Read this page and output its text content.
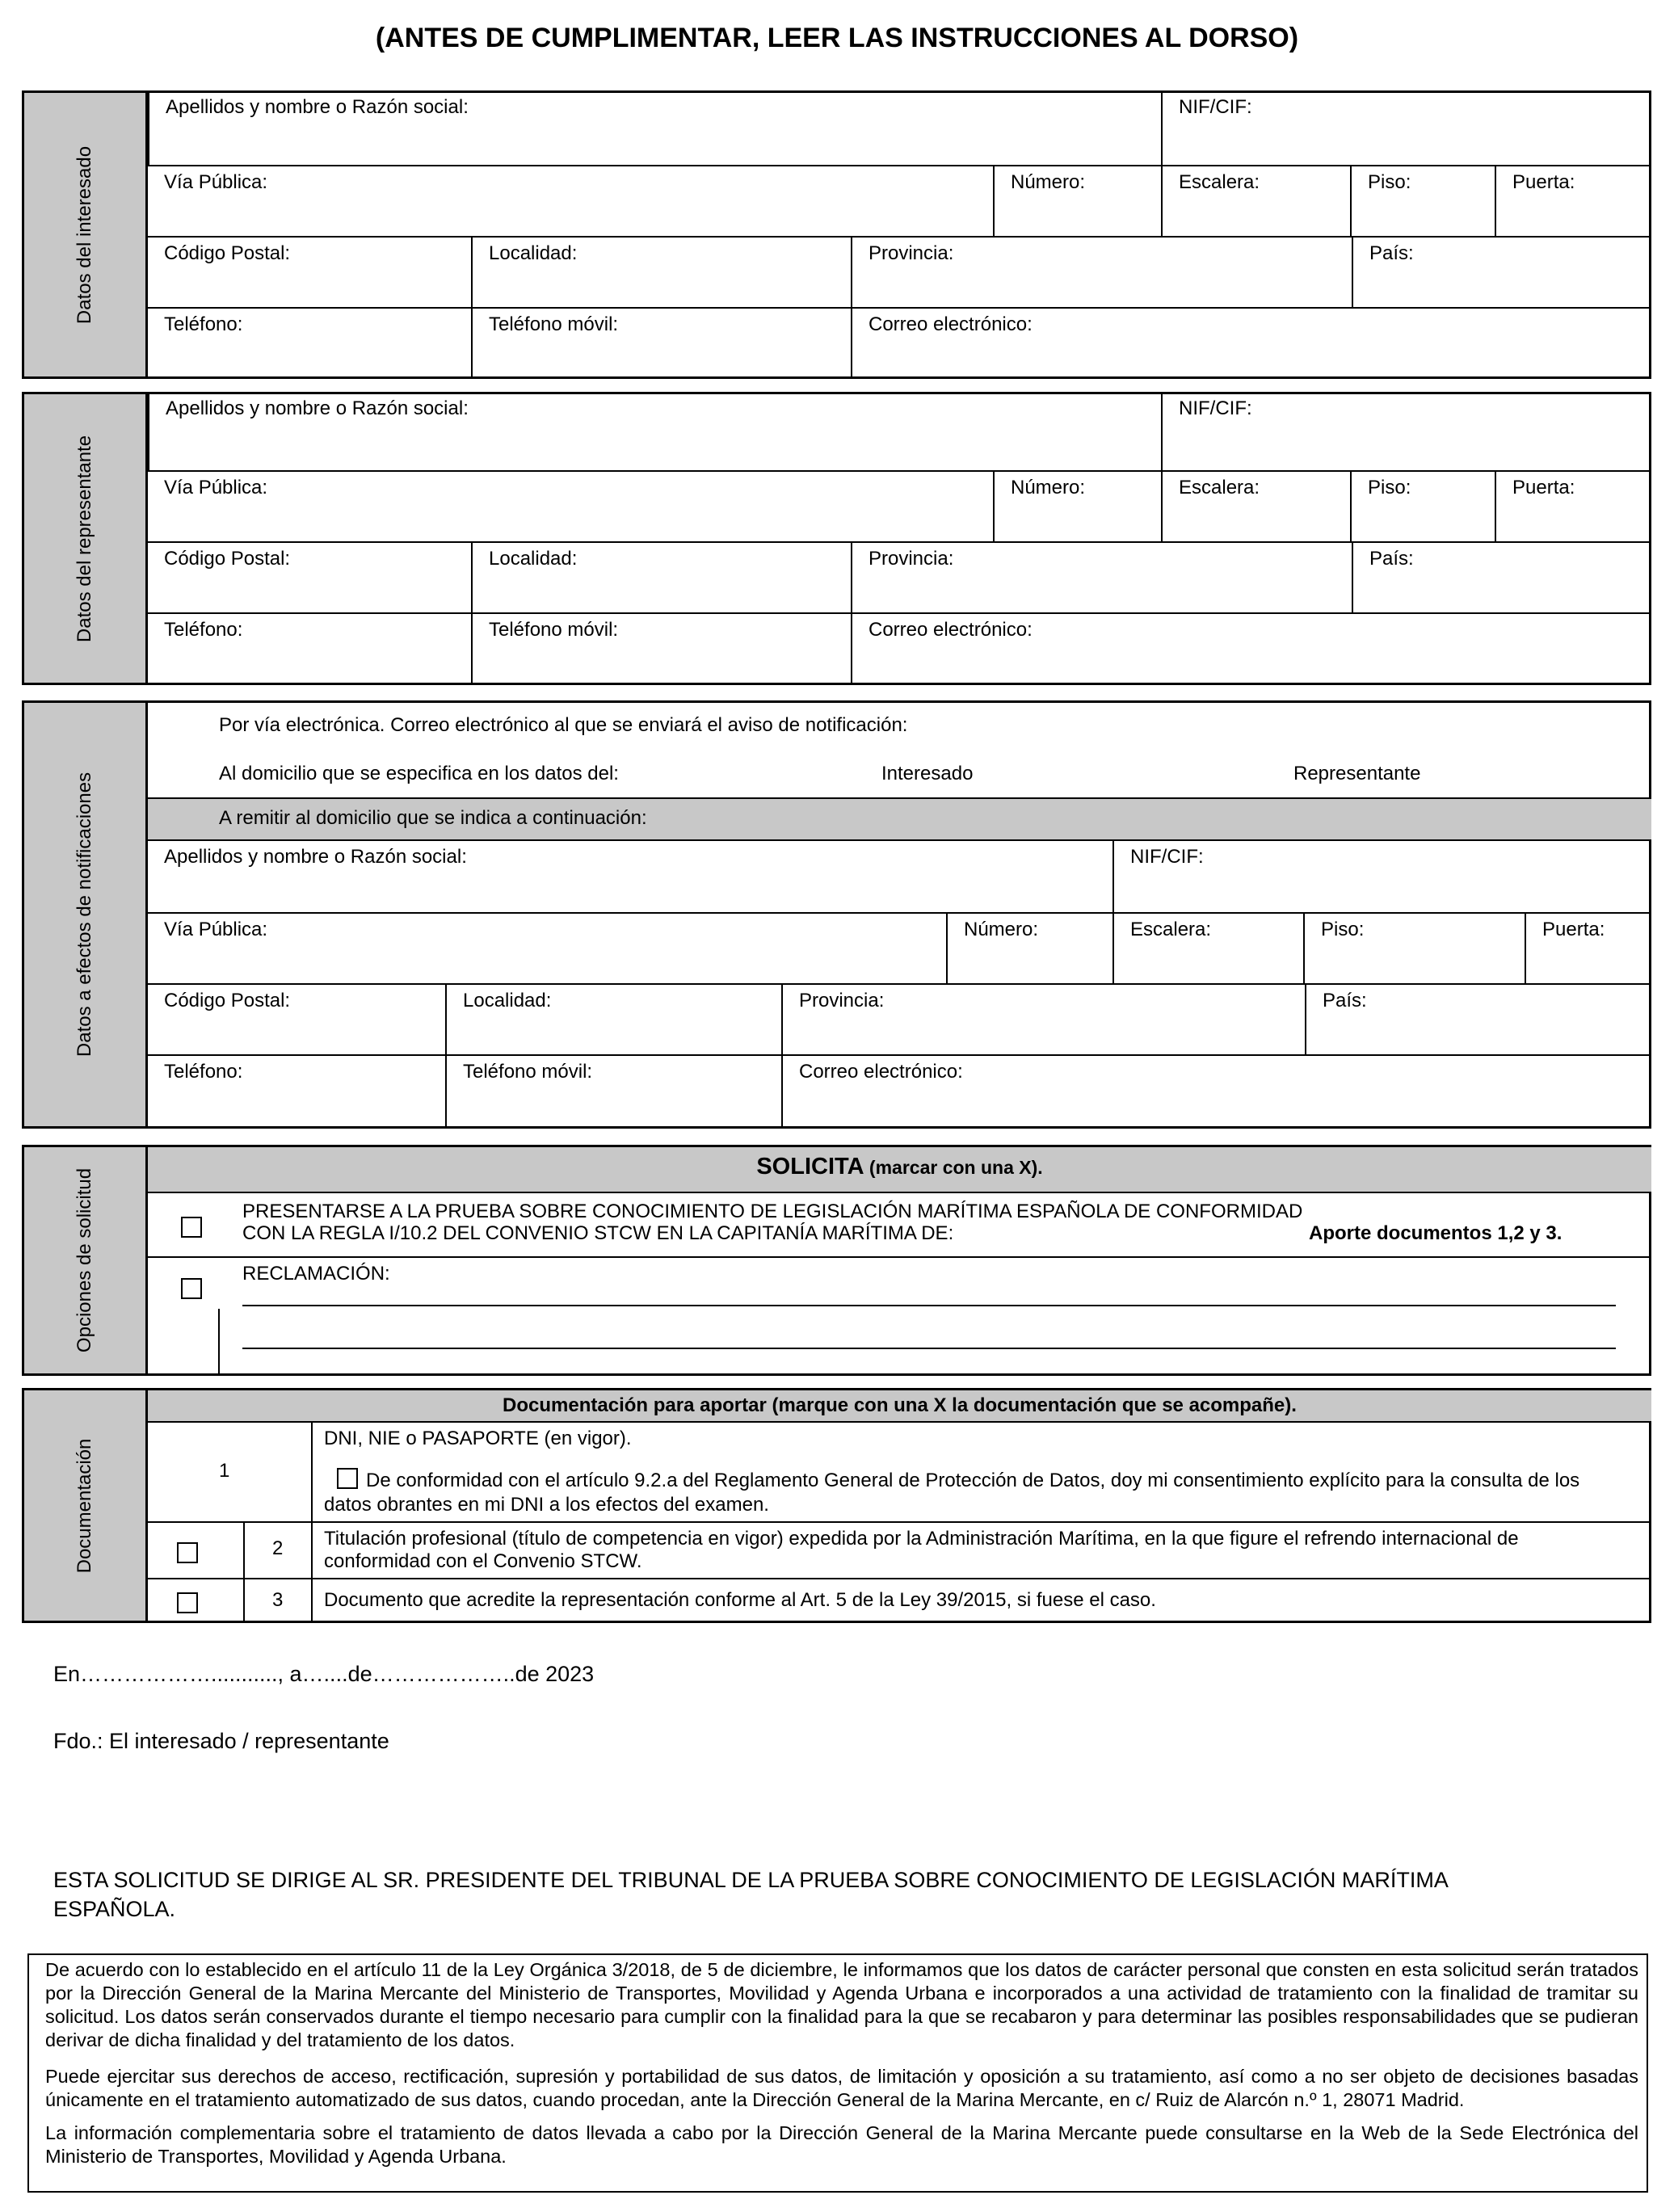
(ANTES DE CUMPLIMENTAR, LEER LAS INSTRUCCIONES AL DORSO)
Datos del interesado
Apellidos y nombre o Razón social:	NIF/CIF:
Vía Pública:	Número:	Escalera:	Piso:	Puerta:
Código Postal:	Localidad:	Provincia:	País:
Teléfono:	Teléfono móvil:	Correo electrónico:
Datos del representante
Apellidos y nombre o Razón social:	NIF/CIF:
Vía Pública:	Número:	Escalera:	Piso:	Puerta:
Código Postal:	Localidad:	Provincia:	País:
Teléfono:	Teléfono móvil:	Correo electrónico:
Datos a efectos de notificaciones
Por vía electrónica. Correo electrónico al que se enviará el aviso de notificación:
Al domicilio que se especifica en los datos del:	Interesado	Representante
A remitir al domicilio que se indica a continuación:
Apellidos y nombre o Razón social:	NIF/CIF:
Vía Pública:	Número:	Escalera:	Piso:	Puerta:
Código Postal:	Localidad:	Provincia:	País:
Teléfono:	Teléfono móvil:	Correo electrónico:
Opciones de solicitud
SOLICITA (marcar con una X).
PRESENTARSE A LA PRUEBA SOBRE CONOCIMIENTO DE LEGISLACIÓN MARÍTIMA ESPAÑOLA DE CONFORMIDAD
CON LA REGLA I/10.2 DEL CONVENIO STCW EN LA CAPITANÍA MARÍTIMA DE:	Aporte documentos 1,2 y 3.
RECLAMACIÓN:
Documentación
Documentación para aportar (marque con una X la documentación que se acompañe).
1
DNI, NIE o PASAPORTE (en vigor).
De conformidad con el artículo 9.2.a del Reglamento General de Protección de Datos, doy mi consentimiento explícito para la consulta de los
datos obrantes en mi DNI a los efectos del examen.
2 Titulación profesional (título de competencia en vigor) expedida por la Administración Marítima, en la que figure el refrendo internacional de
conformidad con el Convenio STCW.
3 Documento que acredite la representación conforme al Art. 5 de la Ley 39/2015, si fuese el caso.
En………………..........., a…....de………………..de 2023
Fdo.: El interesado / representante
ESTA SOLICITUD SE DIRIGE AL SR. PRESIDENTE DEL TRIBUNAL DE LA PRUEBA SOBRE CONOCIMIENTO DE LEGISLACIÓN MARÍTIMA
ESPAÑOLA.
De acuerdo con lo establecido en el artículo 11 de la Ley Orgánica 3/2018, de 5 de diciembre, le informamos que los datos de carácter personal que consten en esta solicitud serán tratados por la Dirección General de la Marina Mercante del Ministerio de Transportes, Movilidad y Agenda Urbana e incorporados a una actividad de tratamiento con la finalidad de tramitar su solicitud. Los datos serán conservados durante el tiempo necesario para cumplir con la finalidad para la que se recabaron y para determinar las posibles responsabilidades que se pudieran derivar de dicha finalidad y del tratamiento de los datos.
Puede ejercitar sus derechos de acceso, rectificación, supresión y portabilidad de sus datos, de limitación y oposición a su tratamiento, así como a no ser objeto de decisiones basadas únicamente en el tratamiento automatizado de sus datos, cuando procedan, ante la Dirección General de la Marina Mercante, en c/ Ruiz de Alarcón n.º 1, 28071 Madrid.
La información complementaria sobre el tratamiento de datos llevada a cabo por la Dirección General de la Marina Mercante puede consultarse en la Web de la Sede Electrónica del Ministerio de Transportes, Movilidad y Agenda Urbana.
